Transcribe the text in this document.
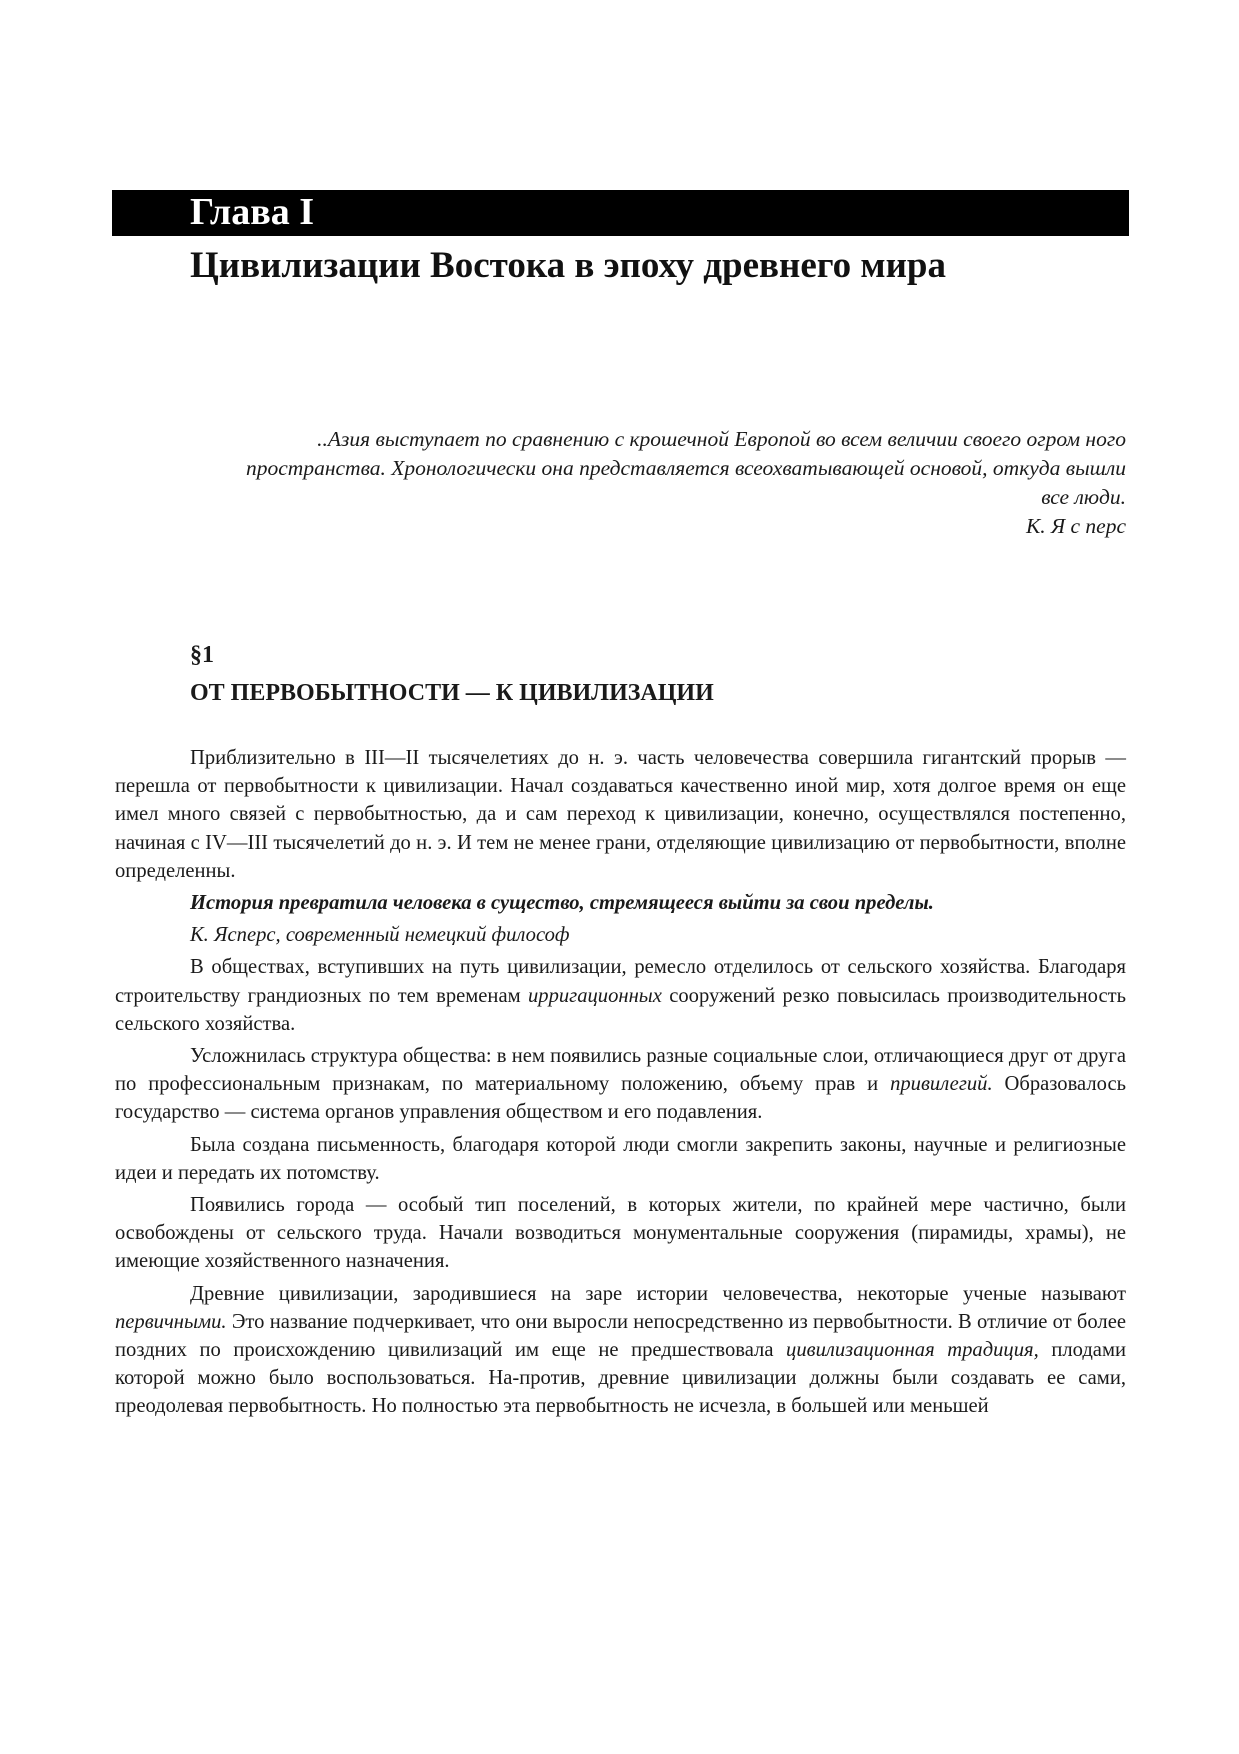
Глава I
Цивилизации Востока в эпоху древнего мира
..Азия выступает по сравнению с крошечной Европой во всем величии своего огром ного
пространства. Хронологически она представляется всеохватывающей основой, откуда вышли
все люди.
К. Я с перс
§1
ОТ ПЕРВОБЫТНОСТИ — К ЦИВИЛИЗАЦИИ

Приблизительно в III—II тысячелетиях до н. э. часть человечества совершила гигантский прорыв — перешла от первобытности к цивилизации. Начал создаваться качественно иной мир, хотя долгое время он еще имел много связей с первобытностью, да и сам переход к цивилизации, конечно, осуществлялся постепенно, начиная с IV—III тысячелетий до н. э. И тем не менее грани, отделяющие цивилизацию от первобытности, вполне определенны.

История превратила человека в существо, стремящееся выйти за свои пределы.

К. Ясперс, современный немецкий философ

В обществах, вступивших на путь цивилизации, ремесло отделилось от сельского хозяйства. Благодаря строительству грандиозных по тем временам ирригационных сооружений резко повысилась производительность сельского хозяйства.

Усложнилась структура общества: в нем появились разные социальные слои, отличающиеся друг от друга по профессиональным признакам, по материальному положению, объему прав и привилегий. Образовалось государство — система органов управления обществом и его подавления.

Была создана письменность, благодаря которой люди смогли закрепить законы, научные и религиозные идеи и передать их потомству.

Появились города — особый тип поселений, в которых жители, по крайней мере частично, были освобождены от сельского труда. Начали возводиться монументальные сооружения (пирамиды, храмы), не имеющие хозяйственного назначения.

Древние цивилизации, зародившиеся на заре истории человечества, некоторые ученые называют первичными. Это название подчеркивает, что они выросли непосредственно из первобытности. В отличие от более поздних по происхождению цивилизаций им еще не предшествовала цивилизационная традиция, плодами которой можно было воспользоваться. На-против, древние цивилизации должны были создавать ее сами, преодолевая первобытность. Но полностью эта первобытность не исчезла, в большей или меньшей
